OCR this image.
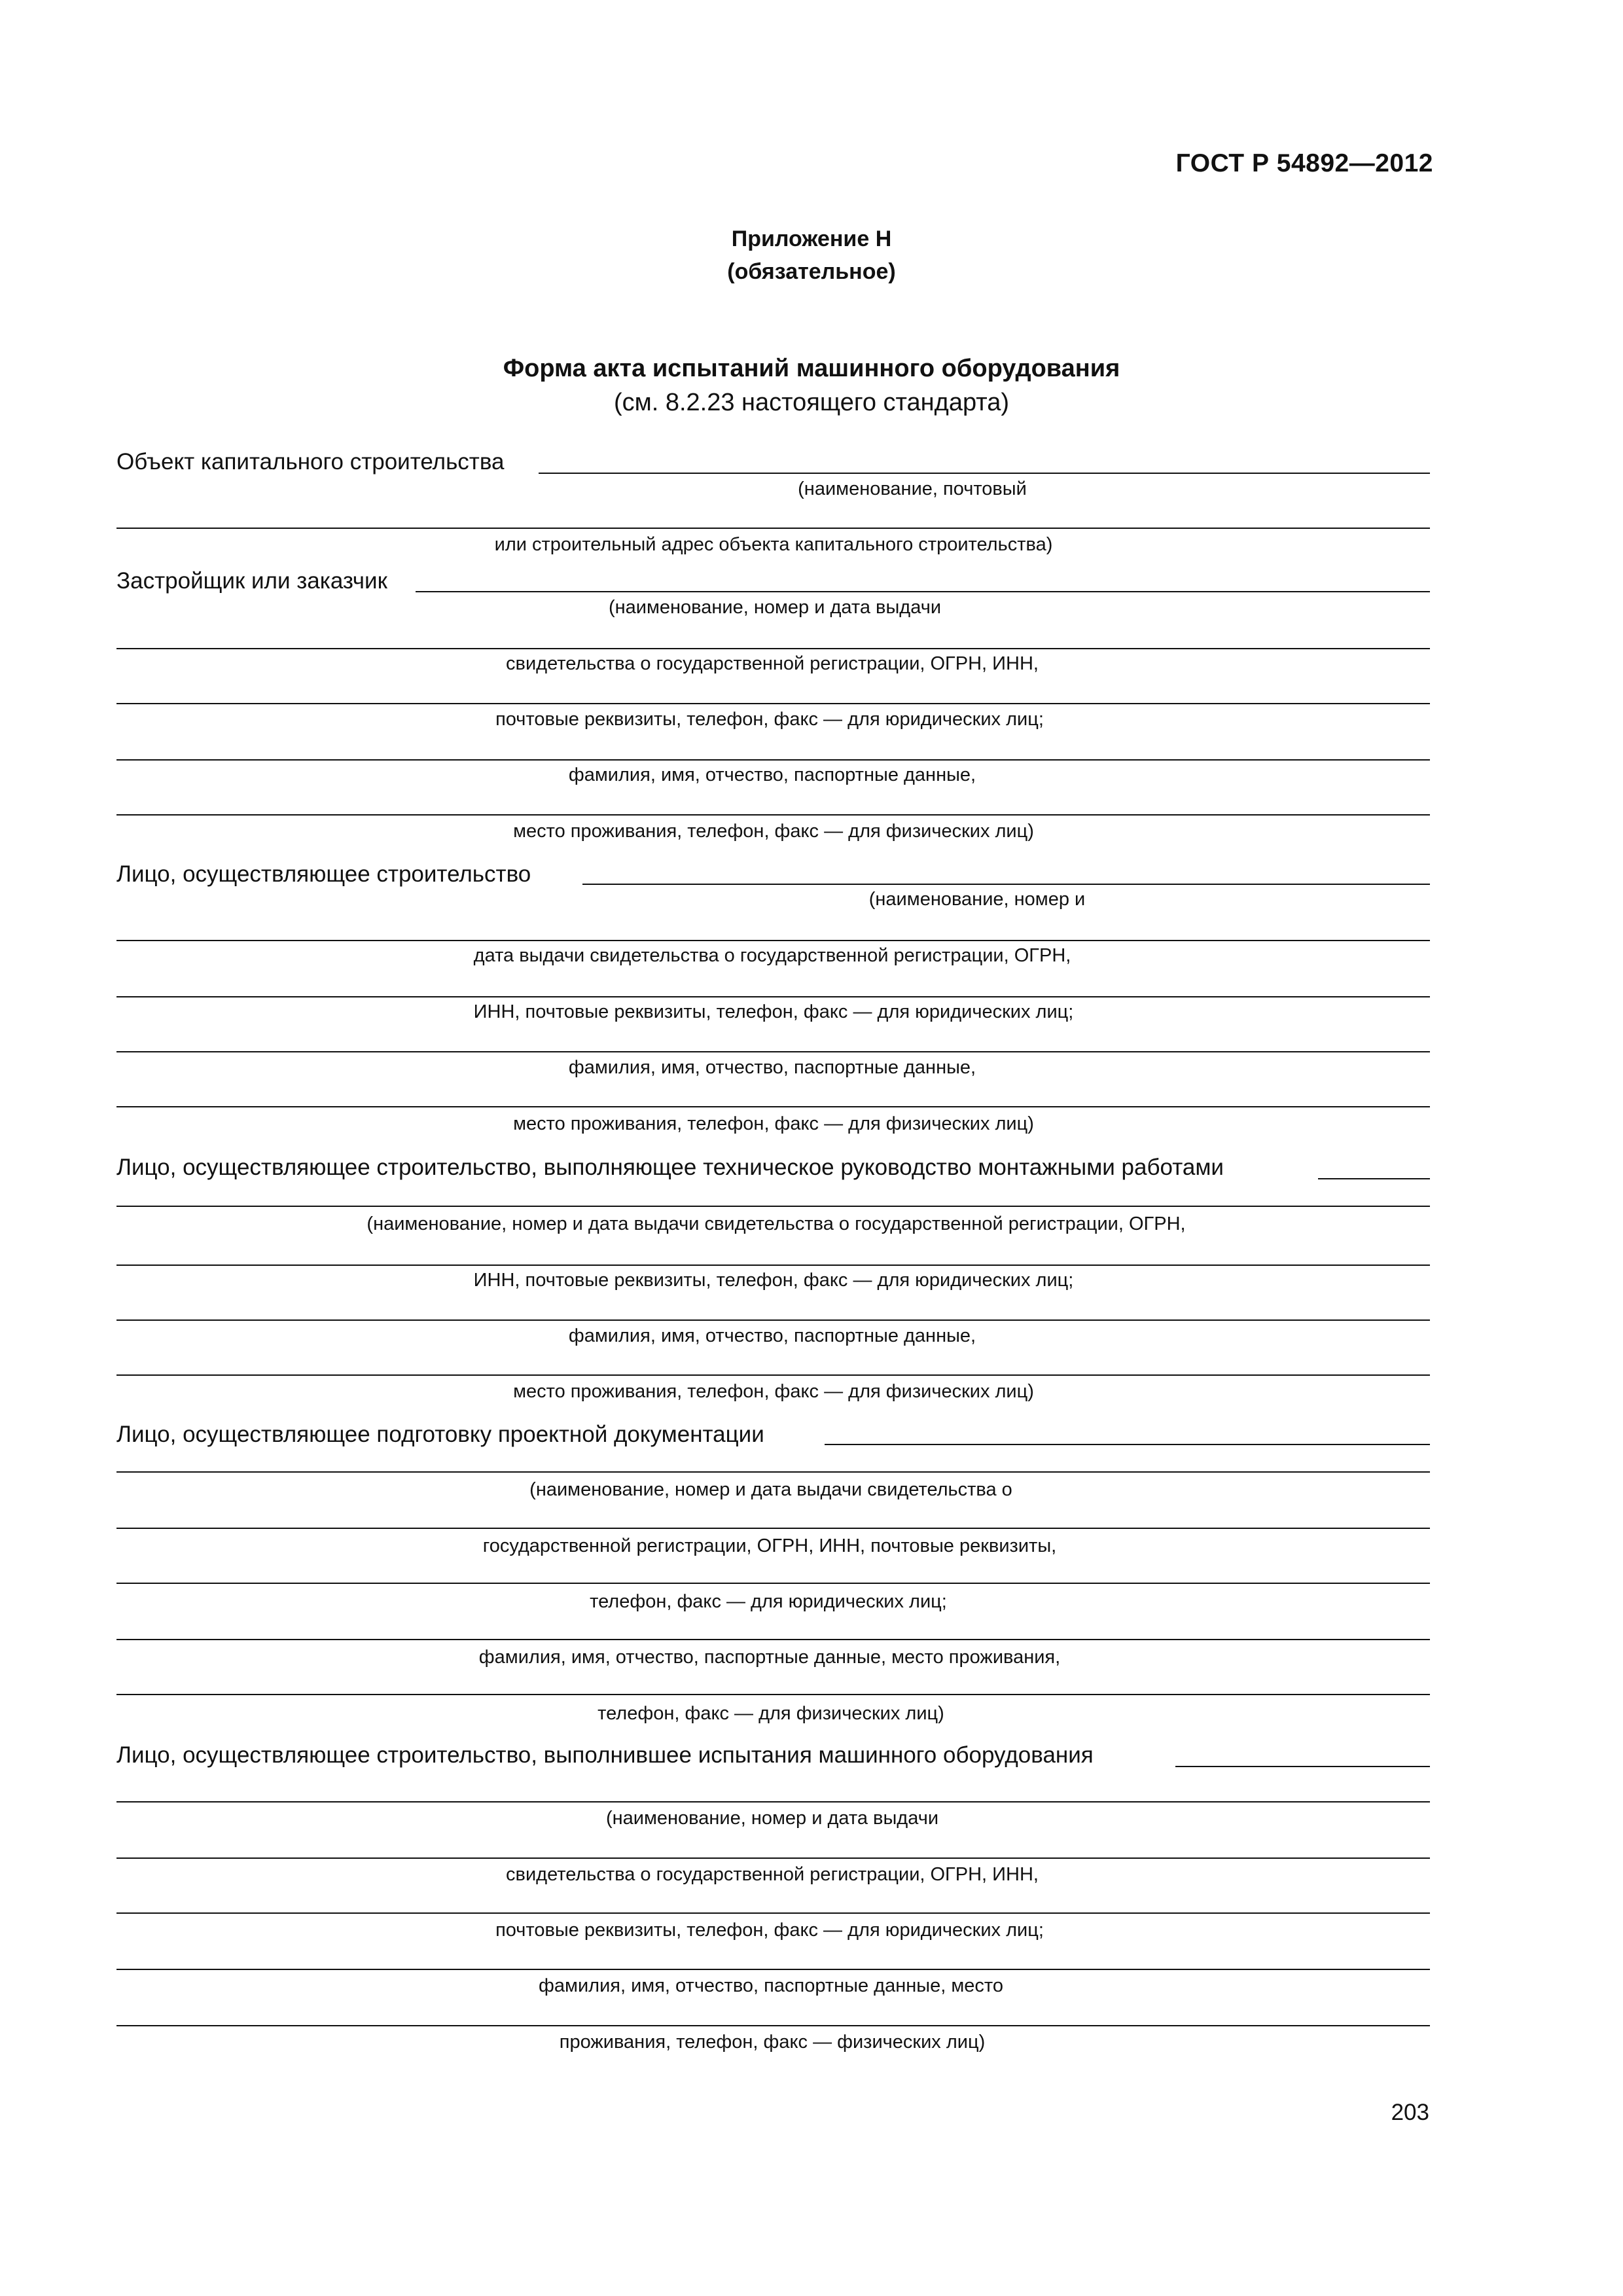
ГОСТ Р 54892—2012
Приложение Н
(обязательное)
Форма акта испытаний машинного оборудования
(см. 8.2.23 настоящего стандарта)
Объект капитального строительства
(наименование, почтовый
или строительный адрес объекта капитального строительства)
Застройщик или заказчик
(наименование, номер и дата выдачи
свидетельства о государственной регистрации, ОГРН, ИНН,
почтовые реквизиты, телефон, факс — для юридических лиц;
фамилия, имя, отчество, паспортные данные,
место проживания, телефон, факс — для физических лиц)
Лицо, осуществляющее строительство
(наименование, номер и
дата выдачи свидетельства о государственной регистрации, ОГРН,
ИНН, почтовые реквизиты, телефон, факс — для юридических лиц;
фамилия, имя, отчество, паспортные данные,
место проживания, телефон, факс — для физических лиц)
Лицо, осуществляющее строительство, выполняющее техническое руководство монтажными работами
(наименование, номер и дата выдачи свидетельства о государственной регистрации, ОГРН,
ИНН, почтовые реквизиты, телефон, факс — для юридических лиц;
фамилия, имя, отчество, паспортные данные,
место проживания, телефон, факс — для физических лиц)
Лицо, осуществляющее подготовку проектной документации
(наименование, номер и дата выдачи свидетельства о
государственной регистрации, ОГРН, ИНН, почтовые реквизиты,
телефон, факс — для юридических лиц;
фамилия, имя, отчество, паспортные данные, место проживания,
телефон, факс — для физических лиц)
Лицо, осуществляющее строительство, выполнившее испытания машинного оборудования
(наименование, номер и дата выдачи
свидетельства о государственной регистрации, ОГРН, ИНН,
почтовые реквизиты, телефон, факс — для юридических лиц;
фамилия, имя, отчество, паспортные данные, место
проживания, телефон, факс — физических лиц)
203
